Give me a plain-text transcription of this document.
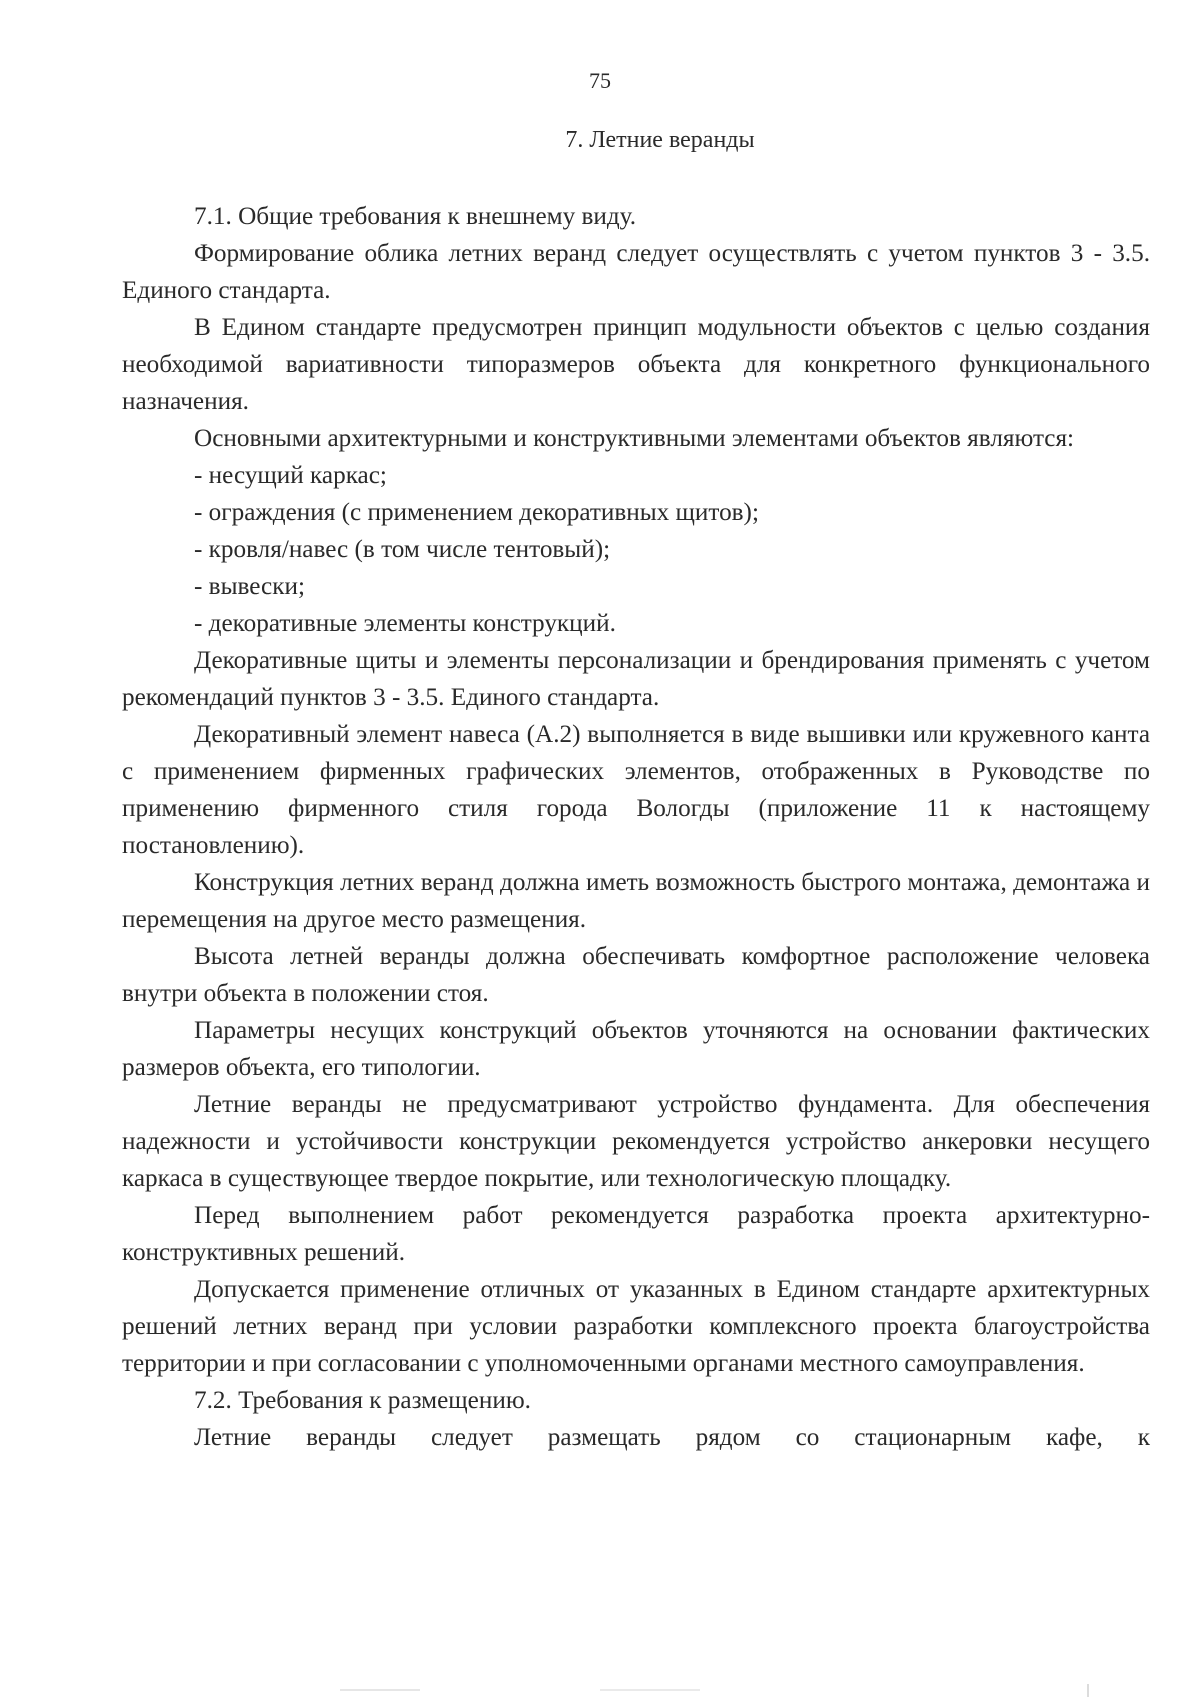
75
7. Летние веранды

7.1. Общие требования к внешнему виду.

Формирование облика летних веранд следует осуществлять с учетом пунктов 3 - 3.5. Единого стандарта.

В Едином стандарте предусмотрен принцип модульности объектов с целью создания необходимой вариативности типоразмеров объекта для конкретного функционального назначения.

Основными архитектурными и конструктивными элементами объектов являются:

- несущий каркас;

- ограждения (с применением декоративных щитов);

- кровля/навес (в том числе тентовый);

- вывески;

- декоративные элементы конструкций.

Декоративные щиты и элементы персонализации и брендирования применять с учетом рекомендаций пунктов 3 - 3.5. Единого стандарта.

Декоративный элемент навеса (А.2) выполняется в виде вышивки или кружевного канта с применением фирменных графических элементов, отображенных в Руководстве по применению фирменного стиля города Вологды (приложение 11 к настоящему постановлению).

Конструкция летних веранд должна иметь возможность быстрого монтажа, демонтажа и перемещения на другое место размещения.

Высота летней веранды должна обеспечивать комфортное расположение человека внутри объекта в положении стоя.

Параметры несущих конструкций объектов уточняются на основании фактических размеров объекта, его типологии.

Летние веранды не предусматривают устройство фундамента. Для обеспечения надежности и устойчивости конструкции рекомендуется устройство анкеровки несущего каркаса в существующее твердое покрытие, или технологическую площадку.

Перед выполнением работ рекомендуется разработка проекта архитектурно-конструктивных решений.

Допускается применение отличных от указанных в Едином стандарте архитектурных решений летних веранд при условии разработки комплексного проекта благоустройства территории и при согласовании с уполномоченными органами местного самоуправления.

7.2. Требования к размещению.

Летние веранды следует размещать рядом со стационарным кафе, к
